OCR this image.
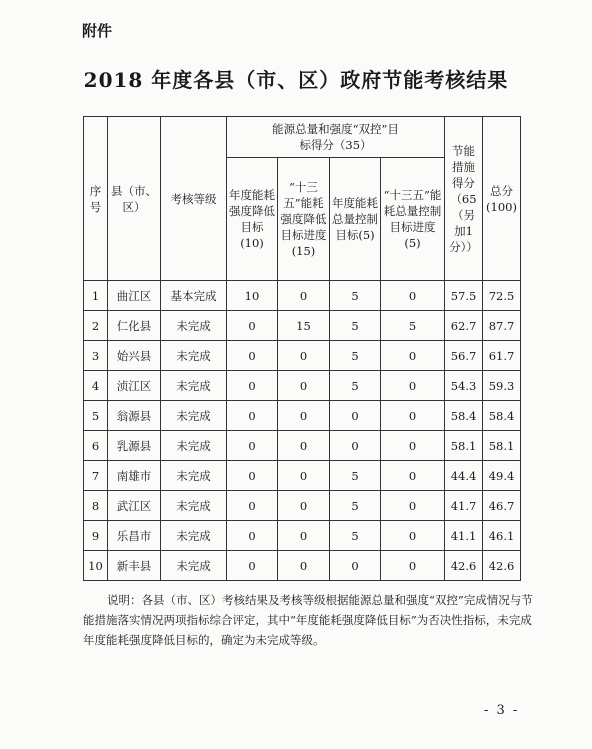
附件
2018 年度各县（市、区）政府节能考核结果
序号	县（市、区）	考核等级	能源总量和强度“双控”目标得分（35）				节能措施得分（65（另加1分））	总分(100)
			年度能耗强度降低目标(10)	“十三五”能耗强度降低目标进度(15)	年度能耗总量控制目标(5)	“十三五”能耗总量控制目标进度(5)		
1	曲江区	基本完成	10	0	5	0	57.5	72.5
2	仁化县	未完成	0	15	5	5	62.7	87.7
3	始兴县	未完成	0	0	5	0	56.7	61.7
4	浈江区	未完成	0	0	5	0	54.3	59.3
5	翁源县	未完成	0	0	0	0	58.4	58.4
6	乳源县	未完成	0	0	0	0	58.1	58.1
7	南雄市	未完成	0	0	5	0	44.4	49.4
8	武江区	未完成	0	0	5	0	41.7	46.7
9	乐昌市	未完成	0	0	5	0	41.1	46.1
10	新丰县	未完成	0	0	0	0	42.6	42.6
说明：各县（市、区）考核结果及考核等级根据能源总量和强度“双控”完成情况与节能措施落实情况两项指标综合评定，其中“年度能耗强度降低目标”为否决性指标，未完成年度能耗强度降低目标的，确定为未完成等级。
- 3 -
